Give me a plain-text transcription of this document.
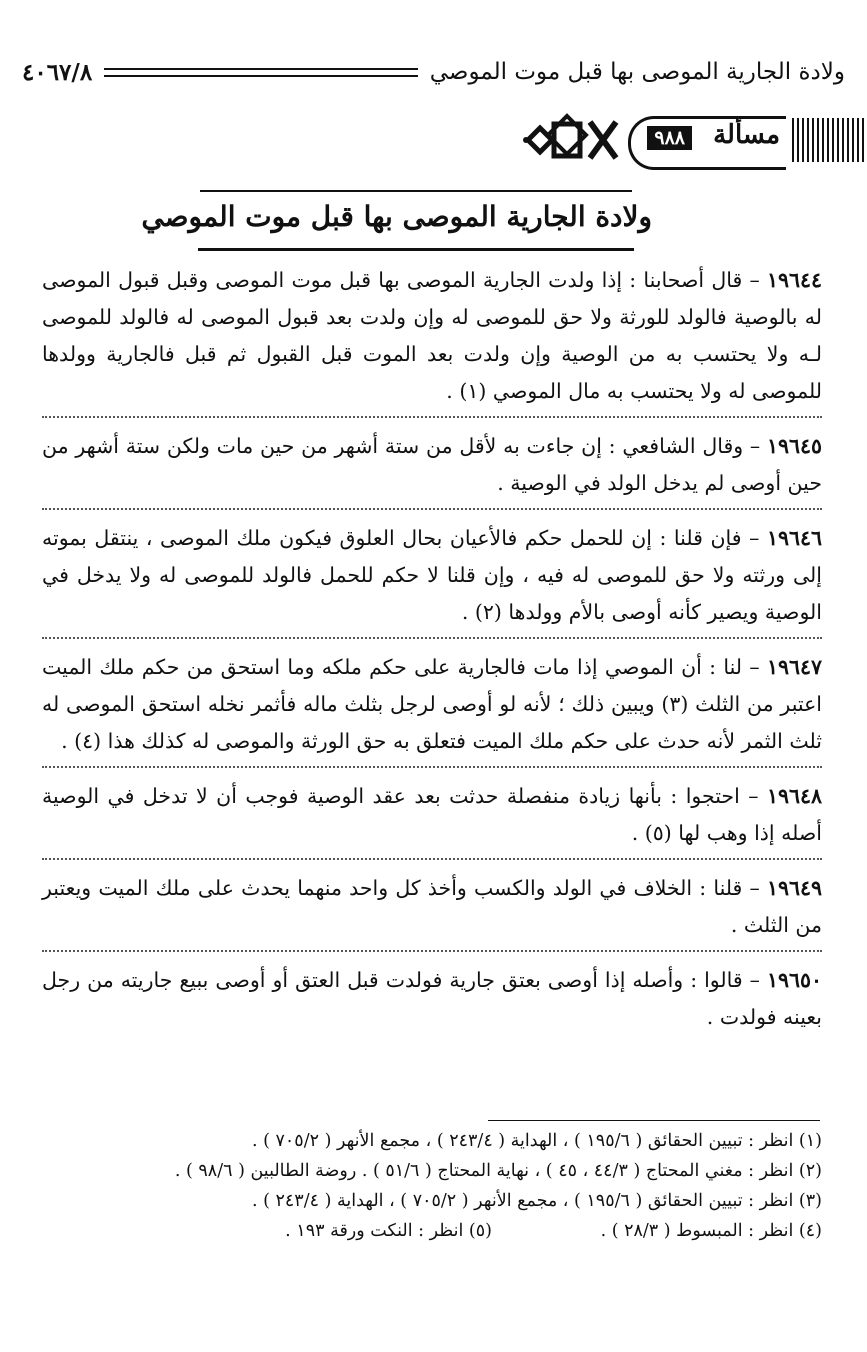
ولادة الجارية الموصى بها قبل موت الموصي
٤٠٦٧/٨
مسألة
٩٨٨
ولادة الجارية الموصى بها قبل موت الموصي

١٩٦٤٤ – قال أصحابنا : إذا ولدت الجارية الموصى بها قبل موت الموصى وقبل قبول الموصى له بالوصية فالولد للورثة ولا حق للموصى له وإن ولدت بعد قبول الموصى له فالولد للموصى لـه ولا يحتسب به من الوصية وإن ولدت بعد الموت قبل القبول ثم قبل فالجارية وولدها للموصى له ولا يحتسب به مال الموصي (١) .

١٩٦٤٥ – وقال الشافعي : إن جاءت به لأقل من ستة أشهر من حين مات ولكن ستة أشهر من حين أوصى لم يدخل الولد في الوصية .

١٩٦٤٦ – فإن قلنا : إن للحمل حكم فالأعيان بحال العلوق فيكون ملك الموصى ، ينتقل بموته إلى ورثته ولا حق للموصى له فيه ، وإن قلنا لا حكم للحمل فالولد للموصى له ولا يدخل في الوصية ويصير كأنه أوصى بالأم وولدها (٢) .

١٩٦٤٧ – لنا : أن الموصي إذا مات فالجارية على حكم ملكه وما استحق من حكم ملك الميت اعتبر من الثلث (٣) ويبين ذلك ؛ لأنه لو أوصى لرجل بثلث ماله فأثمر نخله استحق الموصى له ثلث الثمر لأنه حدث على حكم ملك الميت فتعلق به حق الورثة والموصى له كذلك هذا (٤) .

١٩٦٤٨ – احتجوا : بأنها زيادة منفصلة حدثت بعد عقد الوصية فوجب أن لا تدخل في الوصية أصله إذا وهب لها (٥) .

١٩٦٤٩ – قلنا : الخلاف في الولد والكسب وأخذ كل واحد منهما يحدث على ملك الميت ويعتبر من الثلث .

١٩٦٥٠ – قالوا : وأصله إذا أوصى بعتق جارية فولدت قبل العتق أو أوصى ببيع جاريته من رجل بعينه فولدت .

(١) انظر : تبيين الحقائق ( ١٩٥/٦ ) ، الهداية ( ٢٤٣/٤ ) ، مجمع الأنهر ( ٧٠٥/٢ ) .
(٢) انظر : مغني المحتاج ( ٤٤/٣ ، ٤٥ ) ، نهاية المحتاج ( ٥١/٦ ) . روضة الطالبين ( ٩٨/٦ ) .
(٣) انظر : تبيين الحقائق ( ١٩٥/٦ ) ، مجمع الأنهر ( ٧٠٥/٢ ) ، الهداية ( ٢٤٣/٤ ) .
(٤) انظر : المبسوط ( ٢٨/٣ ) .
(٥) انظر : النكت ورقة ١٩٣ .
